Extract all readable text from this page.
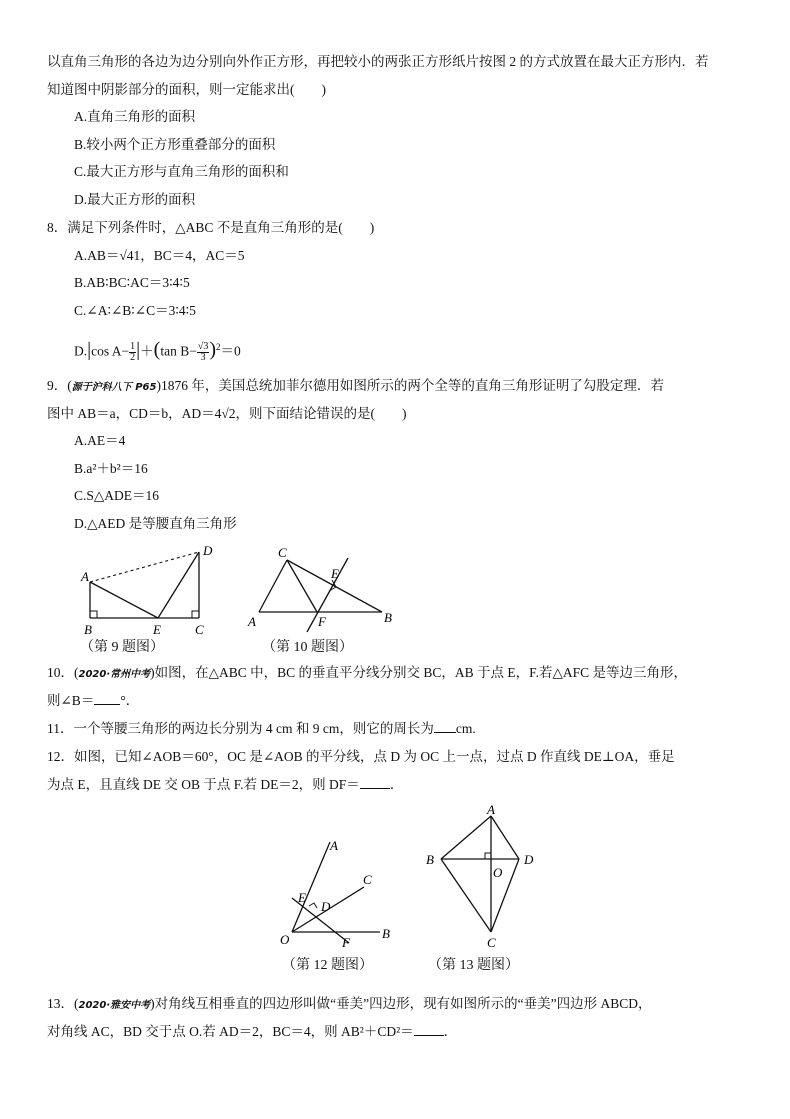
以直角三角形的各边为边分别向外作正方形，再把较小的两张正方形纸片按图 2 的方式放置在最大正方形内．若
知道图中阴影部分的面积，则一定能求出(　　)
A.直角三角形的面积
B.较小两个正方形重叠部分的面积
C.最大正方形与直角三角形的面积和
D.最大正方形的面积
8．满足下列条件时，△ABC 不是直角三角形的是(　　)
A.AB＝√41，BC＝4，AC＝5
B.AB∶BC∶AC＝3∶4∶5
C.∠A∶∠B∶∠C＝3∶4∶5
D.|cos $A- \frac{1}{2} |+(\tan$ $B- \frac{√3}{3} )^2=0$
9．(源于沪科八下 P65)1876 年，美国总统加菲尔德用如图所示的两个全等的直角三角形证明了勾股定理．若
图中 AB＝a，CD＝b，AD＝4√2，则下面结论错误的是(　　)
A.AE＝4
B.a²＋b²＝16
C.S△ADE＝16
D.△AED 是等腰直角三角形
A
B	E	C
D
（第 9 题图）
C
E
A	F	B
（第 10 题图）
10．(2020·常州中考)如图，在△ABC 中，BC 的垂直平分线分别交 BC，AB 于点 E，F.若△AFC 是等边三角形，
则∠B＝ °．
11．一个等腰三角形的两边长分别为 4 cm 和 9 cm，则它的周长为 cm.
12．如图，已知∠AOB＝60°，OC 是∠AOB 的平分线，点 D 为 OC 上一点，过点 D 作直线 DE⊥OA，垂足
为点 E，且直线 DE 交 OB 于点 F.若 DE＝2，则 DF＝ ．
A
C
E
D
O	F
B
（第 12 题图）
A
B	D
O
C
（第 13 题图）
13．(2020·雅安中考)对角线互相垂直的四边形叫做“垂美”四边形，现有如图所示的“垂美”四边形 ABCD，
对角线 AC，BD 交于点 O.若 AD＝2，BC＝4，则 AB²＋CD²＝ ．
